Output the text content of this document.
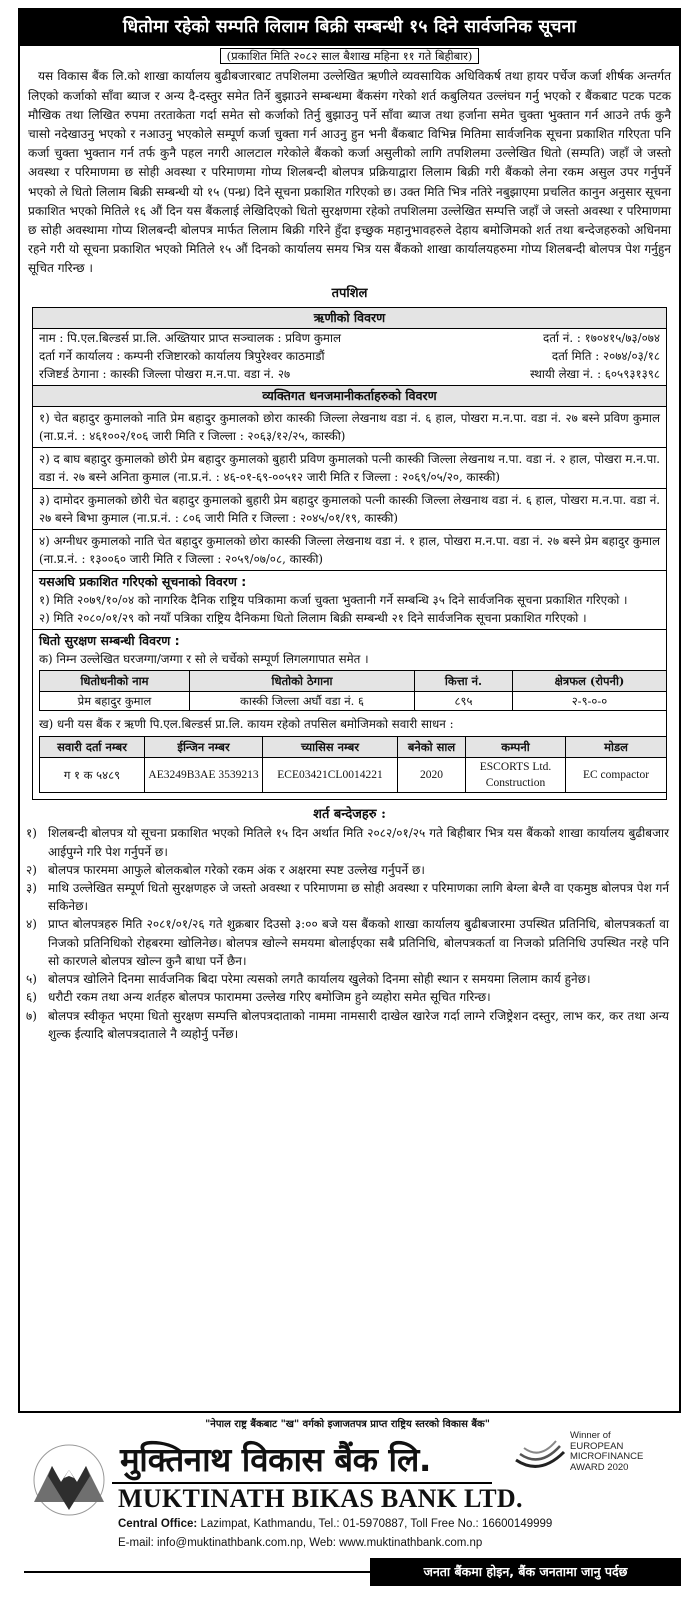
धितोमा रहेको सम्पति लिलाम बिक्री सम्बन्धी १५ दिने सार्वजनिक सूचना
(प्रकाशित मिति २०८२ साल बैशाख महिना ११ गते बिहीबार)
यस विकास बैंक लि.को शाखा कार्यालय बुढीबजारबाट तपशिलमा उल्लेखित ऋणीले व्यवसायिक अधिविकर्ष तथा हायर पर्चेज कर्जा शीर्षक अन्तर्गत लिएको कर्जाको साँवा ब्याज र अन्य दै-दस्तुर समेत तिर्ने बुझाउने सम्बन्धमा बैंकसंग गरेको शर्त कबुलियत उल्लंघन गर्नु भएको र बैंकबाट पटक पटक मौखिक तथा लिखित रुपमा तरताकेता गर्दा समेत सो कर्जाको तिर्नु बुझाउनु पर्ने साँवा ब्याज तथा हर्जाना समेत चुक्ता भुक्तान गर्न आउने तर्फ कुनै चासो नदेखाउनु भएको र नआउनु भएकोले सम्पूर्ण कर्जा चुक्ता गर्न आउनु हुन भनी बैंकबाट विभिन्न मितिमा सार्वजनिक सूचना प्रकाशित गरिएता पनि कर्जा चुक्ता भुक्तान गर्न तर्फ कुनै पहल नगरी आलटाल गरेकोले बैंकको कर्जा असुलीको लागि तपशिलमा उल्लेखित धितो (सम्पति) जहाँ जे जस्तो अवस्था र परिमाणमा छ सोही अवस्था र परिमाणमा गोप्य शिलबन्दी बोलपत्र प्रक्रियाद्वारा लिलाम बिक्री गरी बैंकको लेना रकम असुल उपर गर्नुपर्ने भएको ले धितो लिलाम बिक्री सम्बन्धी यो १५ (पन्ध्र) दिने सूचना प्रकाशित गरिएको छ। उक्त मिति भित्र नतिरे नबुझाएमा प्रचलित कानुन अनुसार सूचना प्रकाशित भएको मितिले १६ औं दिन यस बैंकलाई लेखिदिएको धितो सुरक्षणमा रहेको तपशिलमा उल्लेखित सम्पत्ति जहाँ जे जस्तो अवस्था र परिमाणमा छ सोही अवस्थामा गोप्य शिलबन्दी बोलपत्र मार्फत लिलाम बिक्री गरिने हुँदा इच्छुक महानुभावहरुले देहाय बमोजिमको शर्त तथा बन्देजहरुको अधिनमा रहने गरी यो सूचना प्रकाशित भएको मितिले १५ औं दिनको कार्यालय समय भित्र यस बैंकको शाखा कार्यालयहरुमा गोप्य शिलबन्दी बोलपत्र पेश गर्नुहुन सूचित गरिन्छ ।
तपशिल
ऋणीको विवरण
नाम : पि.एल.बिल्डर्स प्रा.लि. अख्तियार प्राप्त सञ्चालक : प्रविण कुमाल	दर्ता नं. : १७०४१५/७३/०७४
दर्ता गर्ने कार्यालय : कम्पनी रजिष्टारको कार्यालय त्रिपुरेश्वर काठमाडौं	दर्ता मिति : २०७४/०३/१८
रजिष्टर्ड ठेगाना : कास्की जिल्ला पोखरा म.न.पा. वडा नं. २७	स्थायी लेखा नं. : ६०५९३१३९८
व्यक्तिगत धनजमानीकर्ताहरुको विवरण
१) चेत बहादुर कुमालको नाति प्रेम बहादुर कुमालको छोरा कास्की जिल्ला लेखनाथ वडा नं. ६ हाल, पोखरा म.न.पा. वडा नं. २७ बस्ने प्रविण कुमाल (ना.प्र.नं. : ४६१००२/१०६ जारी मिति र जिल्ला : २०६३/१२/२५, कास्की)
२) द बाघ बहादुर कुमालको छोरी प्रेम बहादुर कुमालको बुहारी प्रविण कुमालको पत्नी कास्की जिल्ला लेखनाथ न.पा. वडा नं. २ हाल, पोखरा म.न.पा. वडा नं. २७ बस्ने अनिता कुमाल (ना.प्र.नं. : ४६-०१-६९-००५१२ जारी मिति र जिल्ला : २०६९/०५/२०, कास्की)
३) दामोदर कुमालको छोरी चेत बहादुर कुमालको बुहारी प्रेम बहादुर कुमालको पत्नी कास्की जिल्ला लेखनाथ वडा नं. ६ हाल, पोखरा म.न.पा. वडा नं. २७ बस्ने बिभा कुमाल (ना.प्र.नं. : ८०६ जारी मिति र जिल्ला : २०४५/०१/१९, कास्की)
४) अग्नीधर कुमालको नाति चेत बहादुर कुमालको छोरा कास्की जिल्ला लेखनाथ वडा नं. १ हाल, पोखरा म.न.पा. वडा नं. २७ बस्ने प्रेम बहादुर कुमाल (ना.प्र.नं. : १३००६० जारी मिति र जिल्ला : २०५९/०७/०८, कास्की)
यसअघि प्रकाशित गरिएको सूचनाको विवरण :
१) मिति २०७९/१०/०४ को नागरिक दैनिक राष्ट्रिय पत्रिकामा कर्जा चुक्ता भुक्तानी गर्ने सम्बन्धि ३५ दिने सार्वजनिक सूचना प्रकाशित गरिएको ।
२) मिति २०८०/०१/२९ को नयाँ पत्रिका राष्ट्रिय दैनिकमा धितो लिलाम बिक्री सम्बन्धी २१ दिने सार्वजनिक सूचना प्रकाशित गरिएको ।
धितो सुरक्षण सम्बन्धी विवरण :
क) निम्न उल्लेखित घरजग्गा/जग्गा र सो ले चर्चेको सम्पूर्ण लिगलगापात समेत ।
धितोधनीको नाम	धितोको ठेगाना	कित्ता नं.	क्षेत्रफल (रोपनी)
प्रेम बहादुर कुमाल	कास्की जिल्ला अर्घौ वडा नं. ६	८९५	२-९-०-०
ख) धनी यस बैंक र ऋणी पि.एल.बिल्डर्स प्रा.लि. कायम रहेको तपसिल बमोजिमको सवारी साधन :
सवारी दर्ता नम्बर	ईन्जिन नम्बर	च्यासिस नम्बर	बनेको साल	कम्पनी	मोडल
ग १ क ५४८९	AE3249B3AE 3539213	ECE03421CL0014221	2020	ESCORTS Ltd. Construction	EC compactor
शर्त बन्देजहरु :
१) शिलबन्दी बोलपत्र यो सूचना प्रकाशित भएको मितिले १५ दिन अर्थात मिति २०८२/०१/२५ गते बिहीबार भित्र यस बैंकको शाखा कार्यालय बुढीबजार आईपुग्ने गरि पेश गर्नुपर्ने छ।
२) बोलपत्र फारममा आफुले बोलकबोल गरेको रकम अंक र अक्षरमा स्पष्ट उल्लेख गर्नुपर्ने छ।
३) माथि उल्लेखित सम्पूर्ण धितो सुरक्षणहरु जे जस्तो अवस्था र परिमाणमा छ सोही अवस्था र परिमाणका लागि बेग्ला बेग्लै वा एकमुष्ठ बोलपत्र पेश गर्न सकिनेछ।
४) प्राप्त बोलपत्रहरु मिति २०८१/०१/२६ गते शुक्रबार दिउसो ३:०० बजे यस बैंकको शाखा कार्यालय बुढीबजारमा उपस्थित प्रतिनिधि, बोलपत्रकर्ता वा निजको प्रतिनिधिको रोहबरमा खोलिनेछ। बोलपत्र खोल्ने समयमा बोलाईएका सबै प्रतिनिधि, बोलपत्रकर्ता वा निजको प्रतिनिधि उपस्थित नरहे पनि सो कारणले बोलपत्र खोल्न कुनै बाधा पर्ने छैन।
५) बोलपत्र खोलिने दिनमा सार्वजनिक बिदा परेमा त्यसको लगतै कार्यालय खुलेको दिनमा सोही स्थान र समयमा लिलाम कार्य हुनेछ।
६) धरौटी रकम तथा अन्य शर्तहरु बोलपत्र फाराममा उल्लेख गरिए बमोजिम हुने व्यहोरा समेत सूचित गरिन्छ।
७) बोलपत्र स्वीकृत भएमा धितो सुरक्षण सम्पत्ति बोलपत्रदाताको नाममा नामसारी दाखेल खारेज गर्दा लाग्ने रजिष्ट्रेशन दस्तुर, लाभ कर, कर तथा अन्य शुल्क ईत्यादि बोलपत्रदाताले नै व्यहोर्नु पर्नेछ।
"नेपाल राष्ट्र बैंकबाट "ख" वर्गको इजाजतपत्र प्राप्त राष्ट्रिय स्तरको विकास बैंक"
मुक्तिनाथ विकास बैंक लि.
MUKTINATH BIKAS BANK LTD.
Winner of
EUROPEAN
MICROFINANCE
AWARD 2020
Central Office: Lazimpat, Kathmandu, Tel.: 01-5970887, Toll Free No.: 16600149999
E-mail: info@muktinathbank.com.np, Web: www.muktinathbank.com.np
जनता बैंकमा होइन, बैंक जनतामा जानु पर्दछ
